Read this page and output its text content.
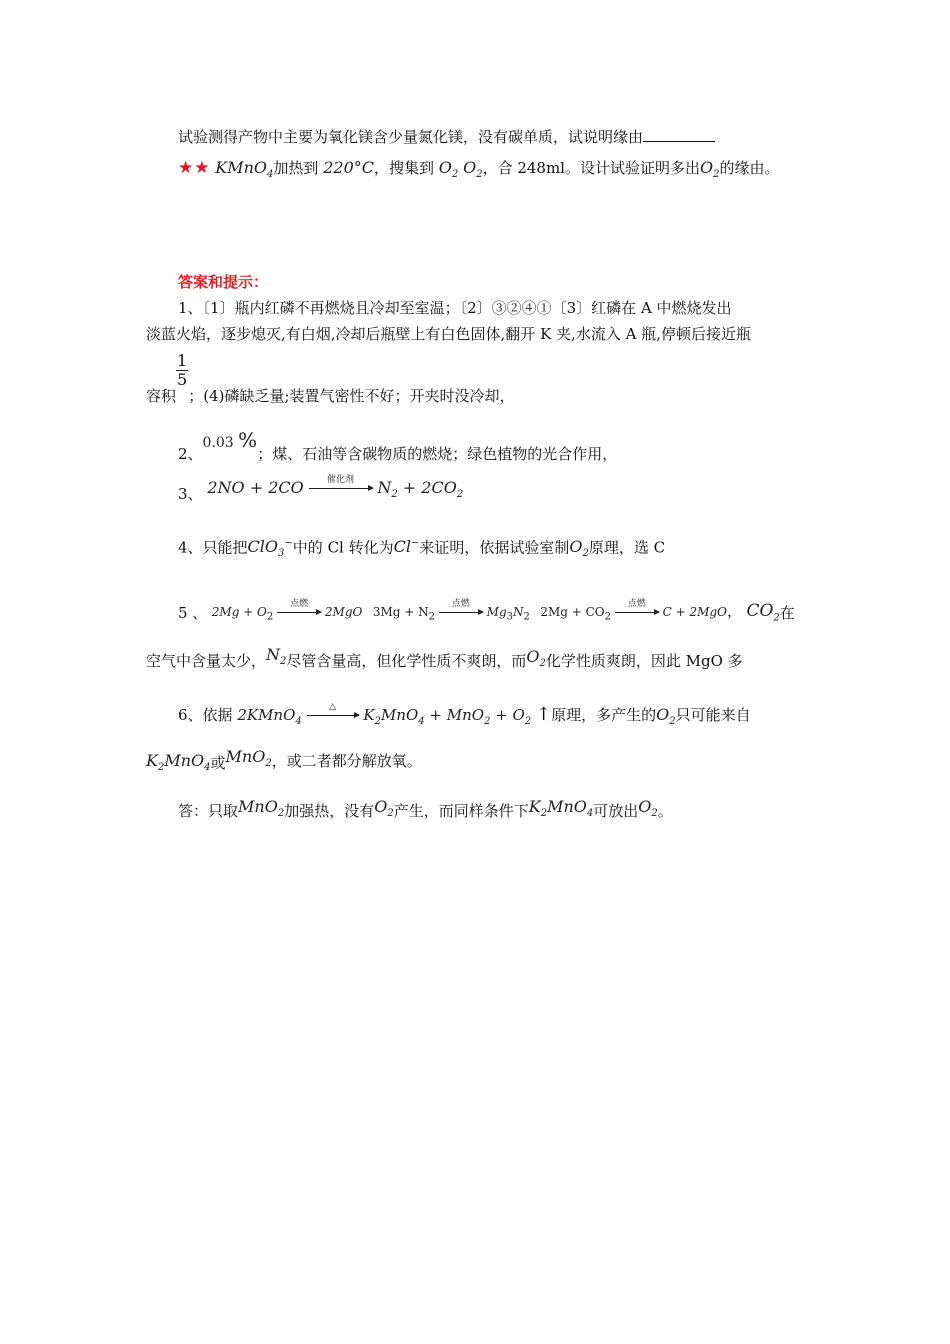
试验测得产物中主要为氧化镁含少量氮化镁，没有碳单质，试说明缘由
★★ KMnO$_4$加热到 220°C，搜集到 $O_2$ $O_2$，合 248ml。设计试验证明多出$O_2$的缘由。
答案和提示：
1、〔1〕瓶内红磷不再燃烧且冷却至室温；〔2〕③②④①〔3〕红磷在 A 中燃烧发出
淡蓝火焰，逐步熄灭,有白烟,冷却后瓶壁上有白色固体,翻开 K 夹,水流入 A 瓶,停顿后接近瓶
容积
$\frac{1}{5}$
；(4)磷缺乏量;装置气密性不好；开夹时没冷却，
2、0.03 %；煤、石油等含碳物质的燃烧；绿色植物的光合作用，
3、 2NO + 2CO	催化剂	$N_2 + 2CO_2$
4、只能把ClO$_3$−中的 Cl 转化为Cl−来证明，依据试验室制$O_2$原理，选 C
5 、 $2Mg + O_2$
点燃
2MgO $3Mg + N_2$
点燃
$Mg_3N_2$ $2Mg + CO_2$
点燃
C + 2MgO， $CO_2$在
空气中含量太少，$N_2$尽管含量高，但化学性质不爽朗，而$O_2$化学性质爽朗，因此 MgO 多
6、依据 2KMnO$_4$
△	$K_2MnO_4 + MnO_2 + O_2$ ↑原理，多产生的$O_2$只可能来自
$K_2MnO_4$或MnO$_2$，或二者都分解放氧。
答：只取MnO$_2$加强热，没有$O_2$产生，而同样条件下$K_2MnO_4$可放出$O_2$。
